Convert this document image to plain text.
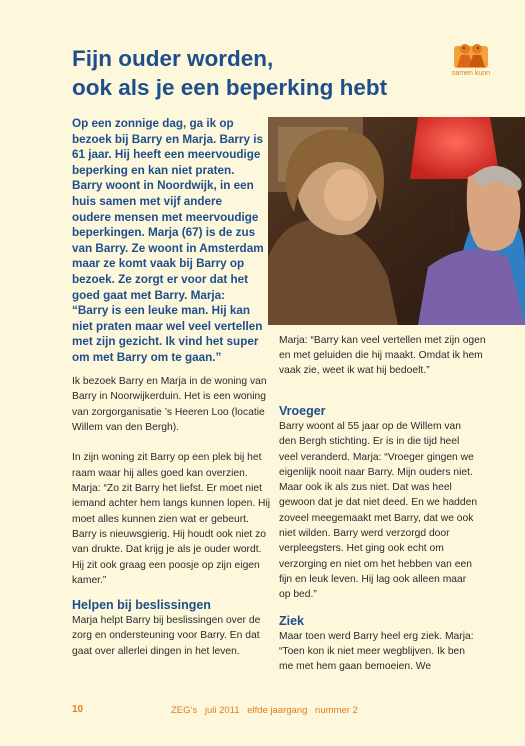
Fijn ouder worden,
ook als je een beperking hebt
samen kunn

Op een zonnige dag, ga ik op bezoek bij Barry en Marja. Barry is 61 jaar. Hij heeft een meervoudige beperking en kan niet praten. Barry woont in Noordwijk, in een huis samen met vijf andere oudere mensen met meervoudige beperkingen. Marja (67) is de zus van Barry. Ze woont in Amsterdam maar ze komt vaak bij Barry op bezoek. Ze zorgt er voor dat het goed gaat met Barry. Marja: “Barry is een leuke man. Hij kan niet praten maar wel veel vertellen met zijn gezicht. Ik vind het super om met Barry om te gaan.”

Marja: “Barry kan veel vertellen met zijn ogen en met geluiden die hij maakt. Omdat ik hem vaak zie, weet ik wat hij bedoelt.”

Ik bezoek Barry en Marja in de woning van Barry in Noorwijkerduin. Het is een woning van zorgorganisatie ’s Heeren Loo (locatie Willem van den Bergh).

In zijn woning zit Barry op een plek bij het raam waar hij alles goed kan overzien. Marja: “Zo zit Barry het liefst. Er moet niet iemand achter hem langs kunnen lopen. Hij moet alles kunnen zien wat er gebeurt. Barry is nieuwsgierig. Hij houdt ook niet zo van drukte. Dat krijg je als je ouder wordt. Hij zit ook graag een poosje op zijn eigen kamer.”

Helpen bij beslissingen

Marja helpt Barry bij beslissingen over de zorg en ondersteuning voor Barry. En dat gaat over allerlei dingen in het leven.

Vroeger

Barry woont al 55 jaar op de Willem van den Bergh stichting. Er is in die tijd heel veel veranderd. Marja: “Vroeger gingen we eigenlijk nooit naar Barry. Mijn ouders niet. Maar ook ik als zus niet. Dat was heel gewoon dat je dat niet deed. En we hadden zoveel meegemaakt met Barry, dat we ook niet wilden. Barry werd verzorgd door verpleegsters. Het ging ook echt om verzorging en niet om het hebben van een fijn en leuk leven. Hij lag ook alleen maar op bed.”

Ziek

Maar toen werd Barry heel erg ziek. Marja: “Toen kon ik niet meer wegblijven. Ik ben me met hem gaan bemoeien. We

10	ZEG’s juli 2011 elfde jaargang nummer 2
